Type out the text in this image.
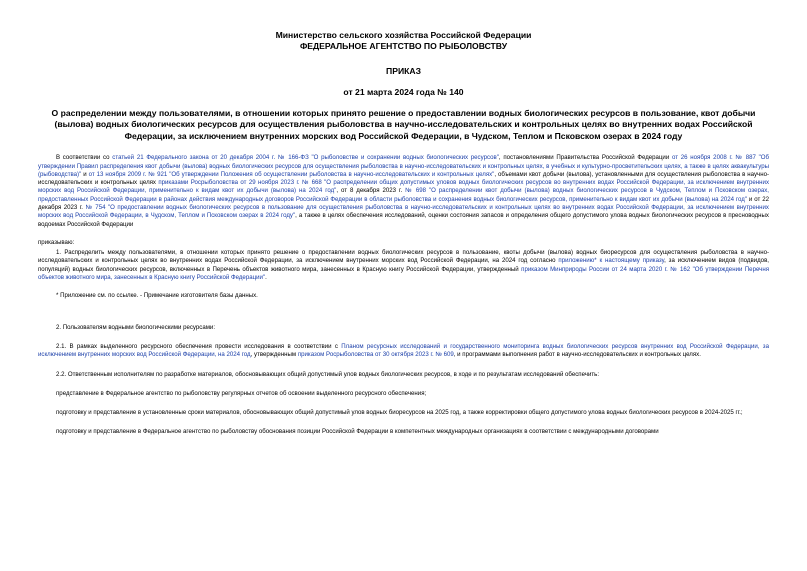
Министерство сельского хозяйства Российской Федерации
ФЕДЕРАЛЬНОЕ АГЕНТСТВО ПО РЫБОЛОВСТВУ
ПРИКАЗ
от 21 марта 2024 года № 140
О распределении между пользователями, в отношении которых принято решение о предоставлении водных биологических ресурсов в пользование, квот добычи (вылова) водных биологических ресурсов для осуществления рыболовства в научно-исследовательских и контрольных целях во внутренних водах Российской Федерации, за исключением внутренних морских вод Российской Федерации, в Чудском, Теплом и Псковском озерах в 2024 году

В соответствии со статьей 21 Федерального закона от 20 декабря 2004 г. № 166-ФЗ "О рыболовстве и сохранении водных биологических ресурсов", постановлениями Правительства Российской Федерации от 26 ноября 2008 г. № 887 "Об утверждении Правил распределения квот добычи (вылова) водных биологических ресурсов для осуществления рыболовства в научно-исследовательских и контрольных целях, в учебных и культурно-просветительских целях, а также в целях аквакультуры (рыбоводства)" и от 13 ноября 2009 г. № 921 "Об утверждении Положения об осуществлении рыболовства в научно-исследовательских и контрольных целях", объемами квот добычи (вылова), установленными для осуществления рыболовства в научно-исследовательских и контрольных целях приказами Росрыболовства от 29 ноября 2023 г. № 668 "О распределении общих допустимых уловов водных биологических ресурсов во внутренних водах Российской Федерации, за исключением внутренних морских вод Российской Федерации, применительно к видам квот их добычи (вылова) на 2024 год", от 8 декабря 2023 г. № 698 "О распределении квот добычи (вылова) водных биологических ресурсов в Чудском, Теплом и Псковском озерах, предоставленных Российской Федерации в районах действия международных договоров Российской Федерации в области рыболовства и сохранения водных биологических ресурсов, применительно к видам квот их добычи (вылова) на 2024 год" и от 22 декабря 2023 г. № 754 "О предоставлении водных биологических ресурсов в пользование для осуществления рыболовства в научно-исследовательских и контрольных целях во внутренних водах Российской Федерации, за исключением внутренних морских вод Российской Федерации, в Чудском, Теплом и Псковском озерах в 2024 году", а также в целях обеспечения исследований, оценки состояния запасов и определения общего допустимого улова водных биологических ресурсов в пресноводных водоемах Российской Федерации

приказываю:

1. Распределить между пользователями, в отношении которых принято решение о предоставлении водных биологических ресурсов в пользование, квоты добычи (вылова) водных биоресурсов для осуществления рыболовства в научно-исследовательских и контрольных целях во внутренних водах Российской Федерации, за исключением внутренних морских вод Российской Федерации, на 2024 год согласно приложению* к настоящему приказу, за исключением видов (подвидов, популяций) водных биологических ресурсов, включенных в Перечень объектов животного мира, занесенных в Красную книгу Российской Федерации, утвержденный приказом Минприроды России от 24 марта 2020 г. № 162 "Об утверждении Перечня объектов животного мира, занесенных в Красную книгу Российской Федерации".

* Приложение см. по ссылке. - Примечание изготовителя базы данных.

2. Пользователям водными биологическими ресурсами:

2.1. В рамках выделенного ресурсного обеспечения провести исследования в соответствии с Планом ресурсных исследований и государственного мониторинга водных биологических ресурсов внутренних вод Российской Федерации, за исключением внутренних морских вод Российской Федерации, на 2024 год, утвержденным приказом Росрыболовства от 30 октября 2023 г. № 609, и программами выполнения работ в научно-исследовательских и контрольных целях.

2.2. Ответственным исполнителям по разработке материалов, обосновывающих общий допустимый улов водных биологических ресурсов, в ходе и по результатам исследований обеспечить:

представление в Федеральное агентство по рыболовству регулярных отчетов об освоении выделенного ресурсного обеспечения;

подготовку и представление в установленные сроки материалов, обосновывающих общий допустимый улов водных биоресурсов на 2025 год, а также корректировки общего допустимого улова водных биологических ресурсов в 2024-2025 гг.;

подготовку и представление в Федеральное агентство по рыболовству обоснования позиции Российской Федерации в компетентных международных организациях в соответствии с международными договорами
